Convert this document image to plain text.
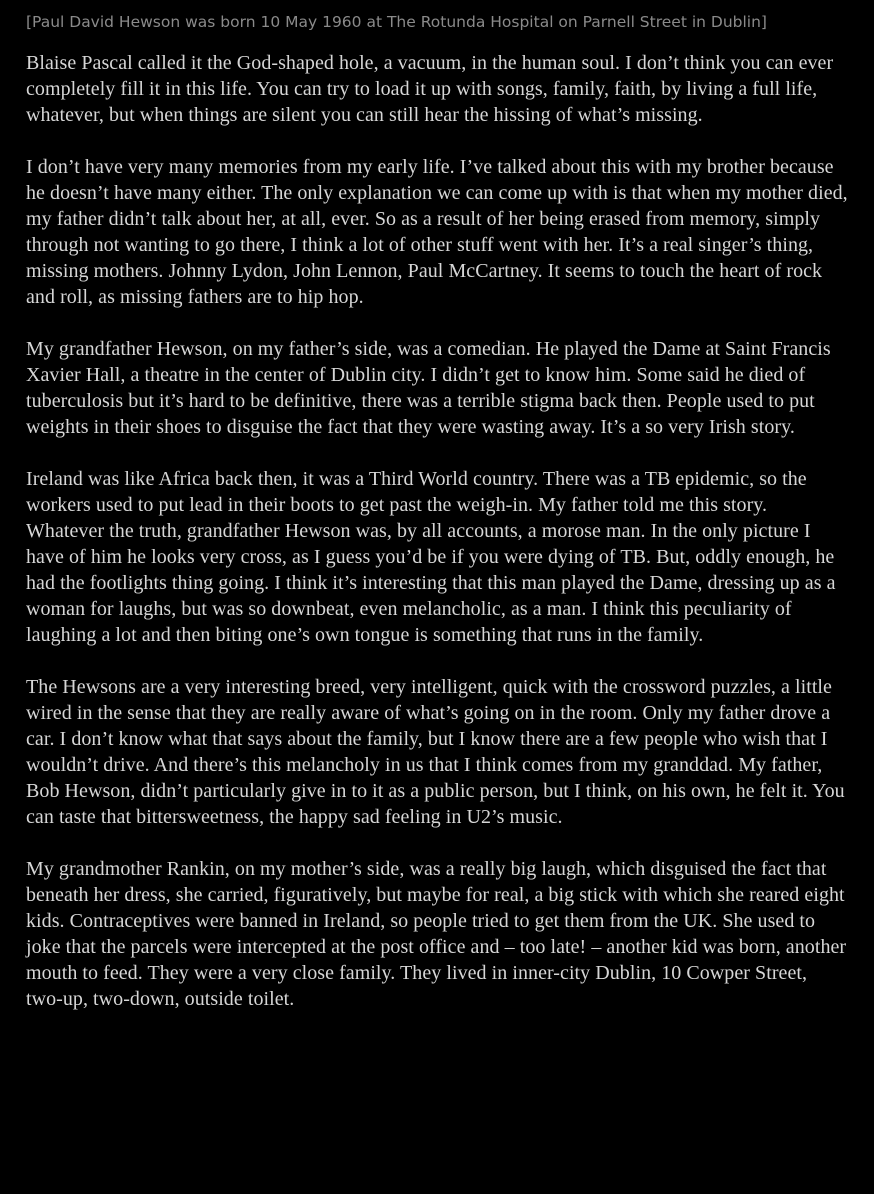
[Paul David Hewson was born 10 May 1960 at The Rotunda Hospital on Parnell Street in Dublin]

Blaise Pascal called it the God-shaped hole, a vacuum, in the human soul. I don’t think you can ever completely fill it in this life. You can try to load it up with songs, family, faith, by living a full life, whatever, but when things are silent you can still hear the hissing of what’s missing.

I don’t have very many memories from my early life. I’ve talked about this with my brother because he doesn’t have many either. The only explanation we can come up with is that when my mother died, my father didn’t talk about her, at all, ever. So as a result of her being erased from memory, simply through not wanting to go there, I think a lot of other stuff went with her. It’s a real singer’s thing, missing mothers. Johnny Lydon, John Lennon, Paul McCartney. It seems to touch the heart of rock and roll, as missing fathers are to hip hop.

My grandfather Hewson, on my father’s side, was a comedian. He played the Dame at Saint Francis Xavier Hall, a theatre in the center of Dublin city. I didn’t get to know him. Some said he died of tuberculosis but it’s hard to be definitive, there was a terrible stigma back then. People used to put weights in their shoes to disguise the fact that they were wasting away. It’s a so very Irish story.

Ireland was like Africa back then, it was a Third World country. There was a TB epidemic, so the workers used to put lead in their boots to get past the weigh-in. My father told me this story. Whatever the truth, grandfather Hewson was, by all accounts, a morose man. In the only picture I have of him he looks very cross, as I guess you’d be if you were dying of TB. But, oddly enough, he had the footlights thing going. I think it’s interesting that this man played the Dame, dressing up as a woman for laughs, but was so downbeat, even melancholic, as a man. I think this peculiarity of laughing a lot and then biting one’s own tongue is something that runs in the family.

The Hewsons are a very interesting breed, very intelligent, quick with the crossword puzzles, a little wired in the sense that they are really aware of what’s going on in the room. Only my father drove a car. I don’t know what that says about the family, but I know there are a few people who wish that I wouldn’t drive. And there’s this melancholy in us that I think comes from my granddad. My father, Bob Hewson, didn’t particularly give in to it as a public person, but I think, on his own, he felt it. You can taste that bittersweetness, the happy sad feeling in U2’s music.

My grandmother Rankin, on my mother’s side, was a really big laugh, which disguised the fact that beneath her dress, she carried, figuratively, but maybe for real, a big stick with which she reared eight kids. Contraceptives were banned in Ireland, so people tried to get them from the UK. She used to joke that the parcels were intercepted at the post office and – too late! – another kid was born, another mouth to feed. They were a very close family. They lived in inner-city Dublin, 10 Cowper Street, two-up, two-down, outside toilet.
